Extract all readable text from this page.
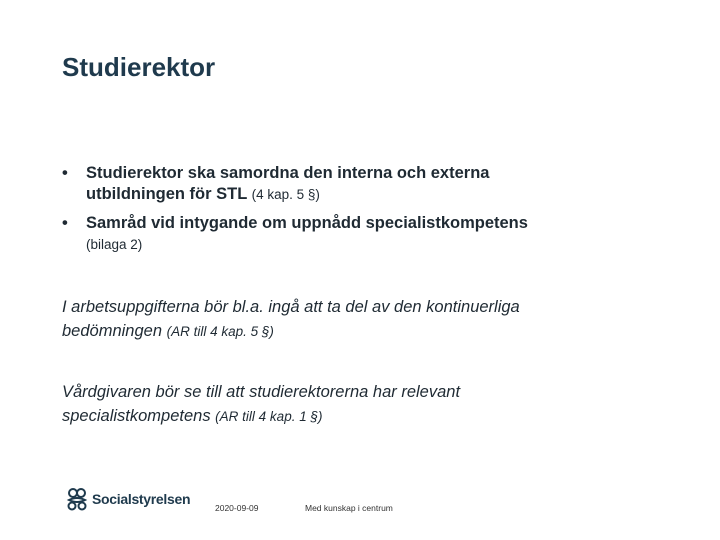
Studierektor
•	Studierektor ska samordna den interna och externa
utbildningen för STL (4 kap. 5 §)
•	Samråd vid intygande om uppnådd specialistkompetens
(bilaga 2)
I arbetsuppgifterna bör bl.a. ingå att ta del av den kontinuerliga
bedömningen (AR till 4 kap. 5 §)
Vårdgivaren bör se till att studierektorerna har relevant
specialistkompetens (AR till 4 kap. 1 §)
Socialstyrelsen
2020-09-09	Med kunskap i centrum
